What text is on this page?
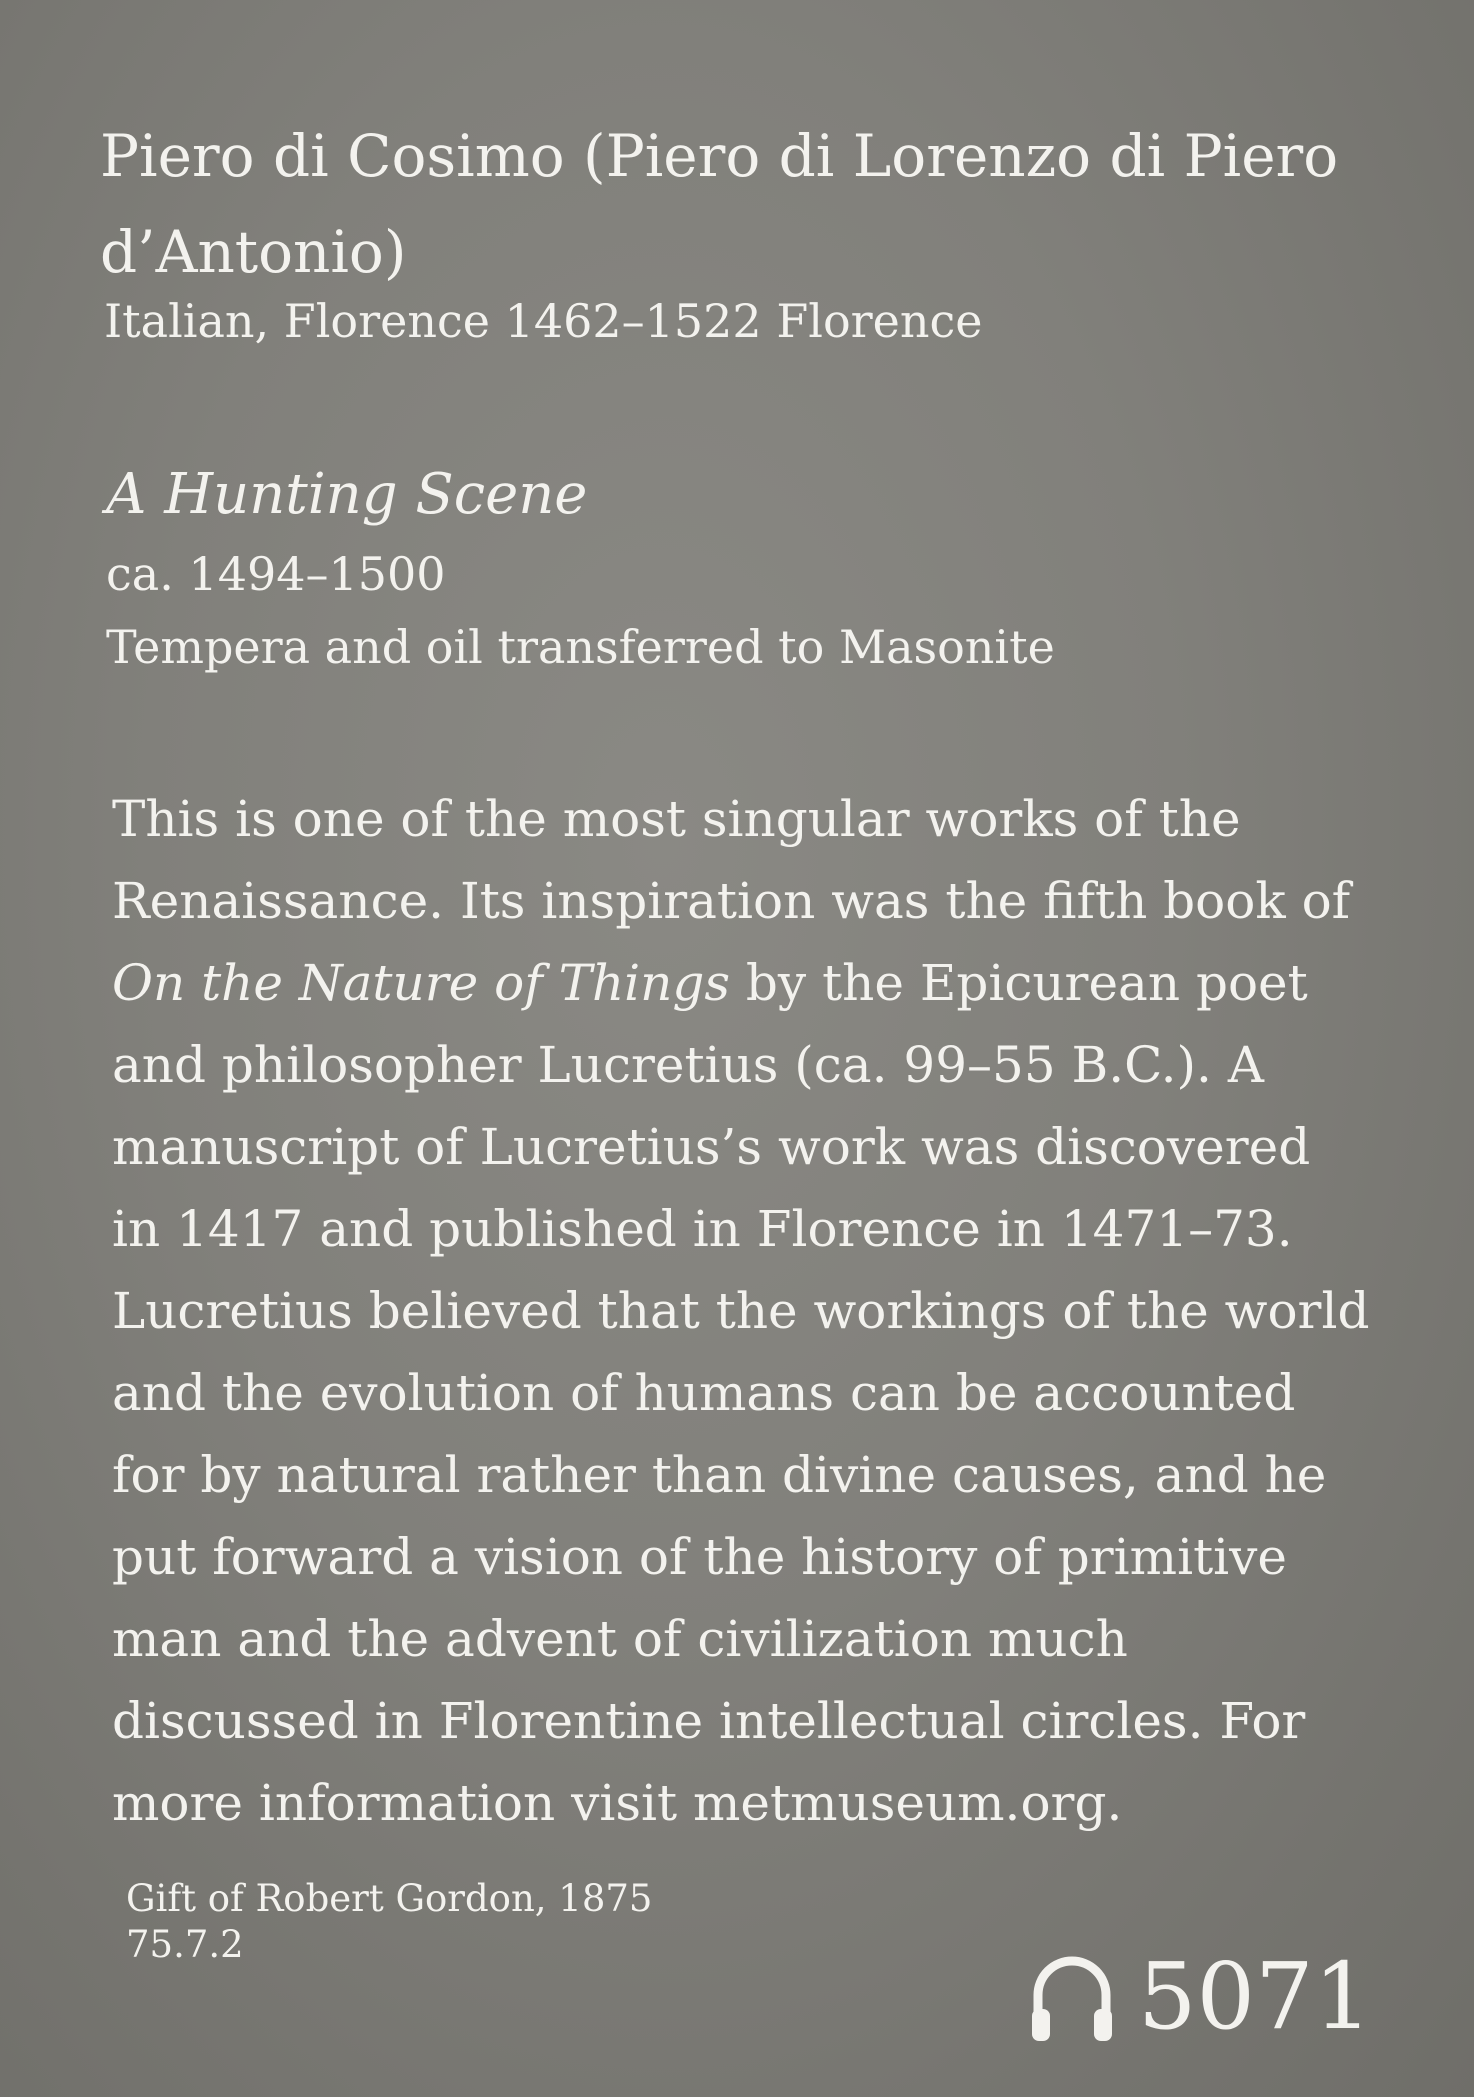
Piero di Cosimo (Piero di Lorenzo di Piero
d’Antonio)
Italian, Florence 1462–1522 Florence
A Hunting Scene
ca. 1494–1500
Tempera and oil transferred to Masonite
This is one of the most singular works of the
Renaissance. Its inspiration was the fifth book of
On the Nature of Things by the Epicurean poet
and philosopher Lucretius (ca. 99–55 B.C.). A
manuscript of Lucretius’s work was discovered
in 1417 and published in Florence in 1471–73.
Lucretius believed that the workings of the world
and the evolution of humans can be accounted
for by natural rather than divine causes, and he
put forward a vision of the history of primitive
man and the advent of civilization much
discussed in Florentine intellectual circles. For
more information visit metmuseum.org.
Gift of Robert Gordon, 1875
75.7.2	5071
